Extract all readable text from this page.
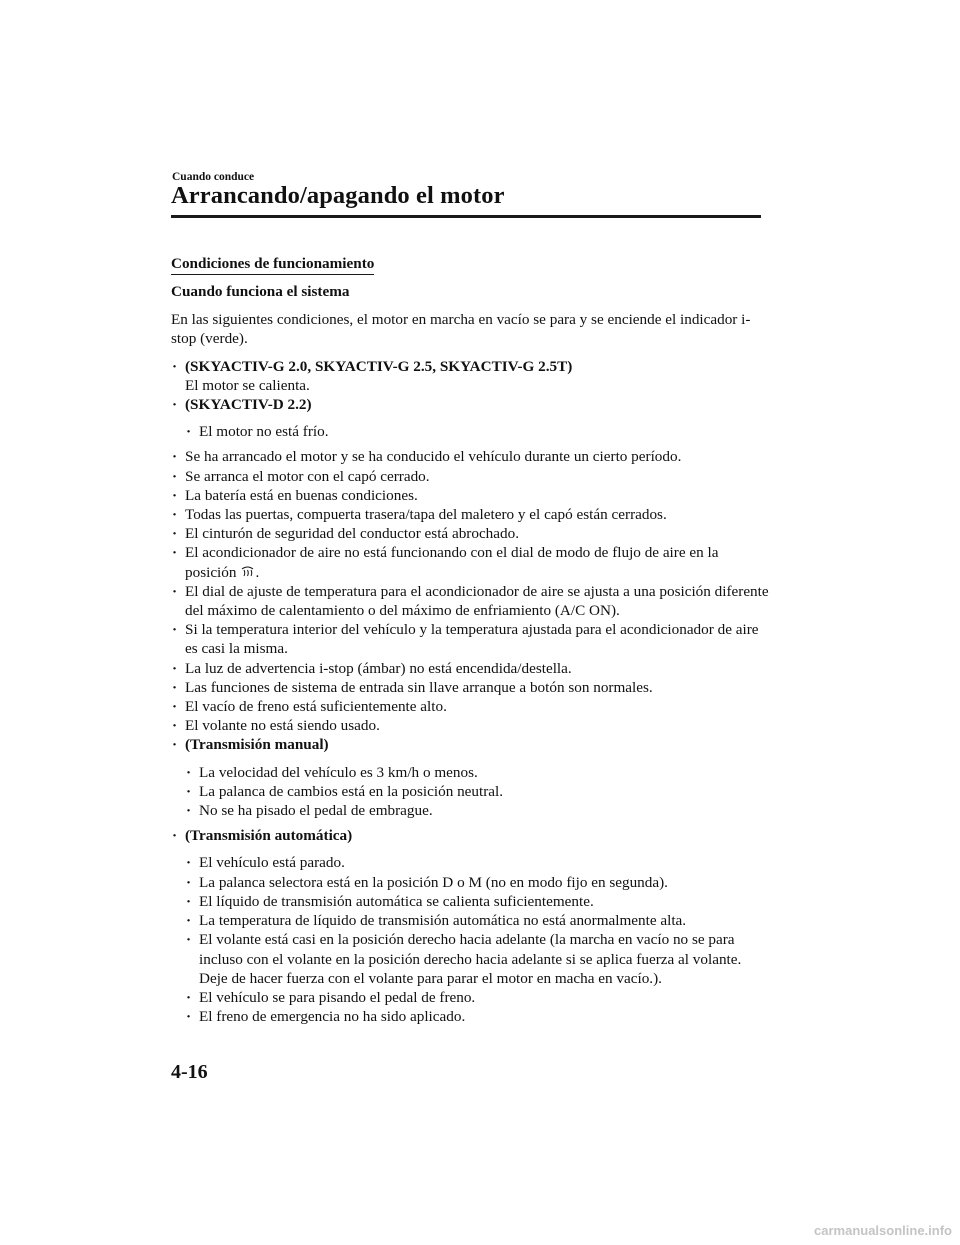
Cuando conduce
Arrancando/apagando el motor
Condiciones de funcionamiento

Cuando funciona el sistema

En las siguientes condiciones, el motor en marcha en vacío se para y se enciende el indicador i-stop (verde).

· (SKYACTIV-G 2.0, SKYACTIV-G 2.5, SKYACTIV-G 2.5T)
El motor se calienta.
· (SKYACTIV-D 2.2)
· El motor no está frío.
· Se ha arrancado el motor y se ha conducido el vehículo durante un cierto período.
· Se arranca el motor con el capó cerrado.
· La batería está en buenas condiciones.
· Todas las puertas, compuerta trasera/tapa del maletero y el capó están cerrados.
· El cinturón de seguridad del conductor está abrochado.
· El acondicionador de aire no está funcionando con el dial de modo de flujo de aire en la posición .
· El dial de ajuste de temperatura para el acondicionador de aire se ajusta a una posición diferente del máximo de calentamiento o del máximo de enfriamiento (A/C ON).
· Si la temperatura interior del vehículo y la temperatura ajustada para el acondicionador de aire es casi la misma.
· La luz de advertencia i-stop (ámbar) no está encendida/destella.
· Las funciones de sistema de entrada sin llave arranque a botón son normales.
· El vacío de freno está suficientemente alto.
· El volante no está siendo usado.
· (Transmisión manual)
· La velocidad del vehículo es 3 km/h o menos.
· La palanca de cambios está en la posición neutral.
· No se ha pisado el pedal de embrague.
· (Transmisión automática)
· El vehículo está parado.
· La palanca selectora está en la posición D o M (no en modo fijo en segunda).
· El líquido de transmisión automática se calienta suficientemente.
· La temperatura de líquido de transmisión automática no está anormalmente alta.
· El volante está casi en la posición derecho hacia adelante (la marcha en vacío no se para incluso con el volante en la posición derecho hacia adelante si se aplica fuerza al volante. Deje de hacer fuerza con el volante para parar el motor en macha en vacío.).
· El vehículo se para pisando el pedal de freno.
· El freno de emergencia no ha sido aplicado.
4-16
carmanualsonline.info
